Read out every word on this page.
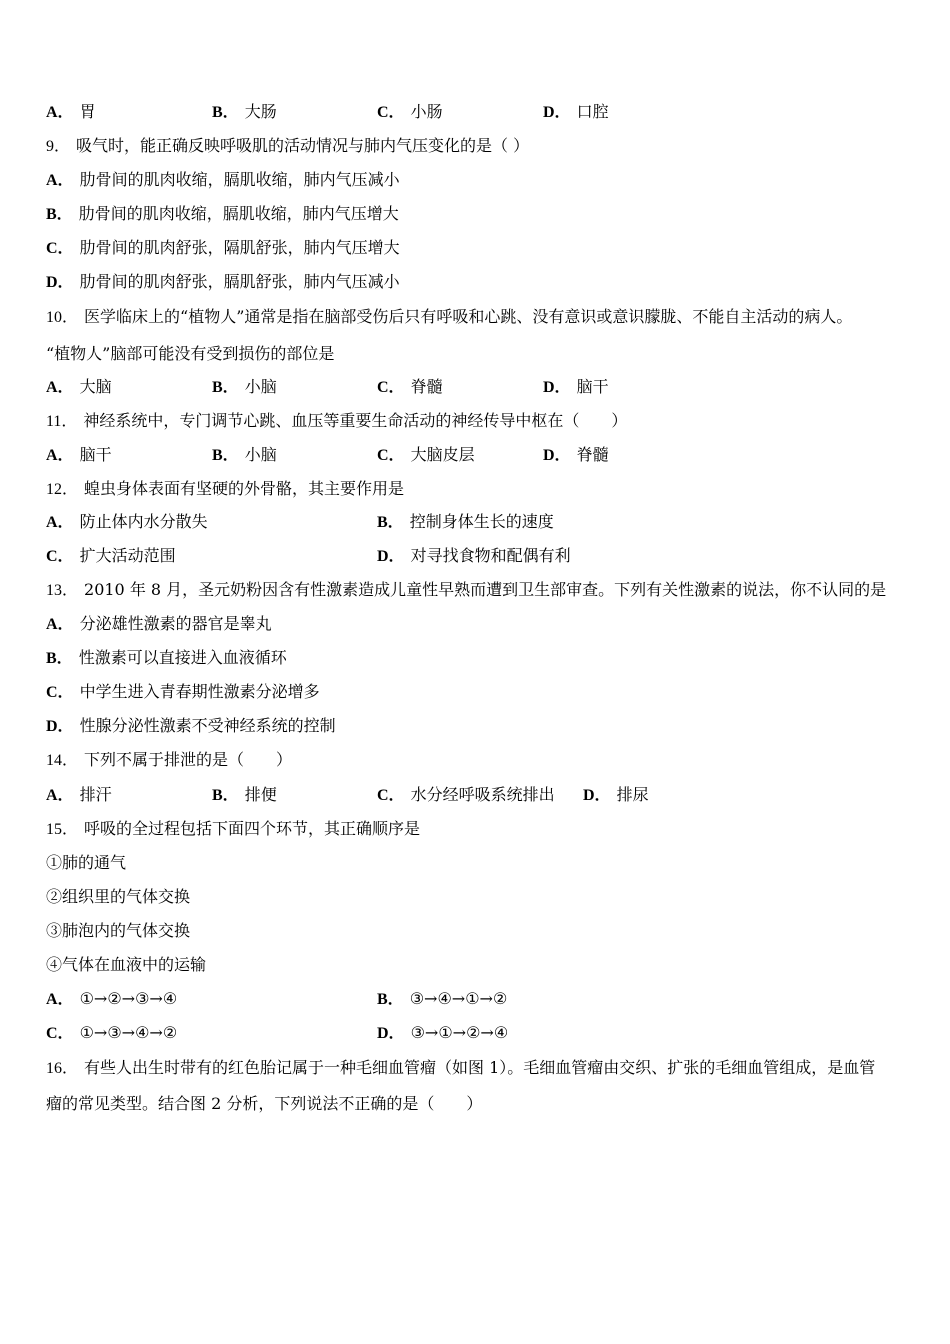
A． 胃	B． 大肠	C． 小肠	D． 口腔
9． 吸气时，能正确反映呼吸肌的活动情况与肺内气压变化的是（ ）
A． 肋骨间的肌肉收缩，膈肌收缩，肺内气压减小
B． 肋骨间的肌肉收缩，膈肌收缩，肺内气压增大
C． 肋骨间的肌肉舒张，隔肌舒张，肺内气压增大
D． 肋骨间的肌肉舒张，膈肌舒张，肺内气压减小
10． 医学临床上的“植物人”通常是指在脑部受伤后只有呼吸和心跳、没有意识或意识朦胧、不能自主活动的病人。
“植物人”脑部可能没有受到损伤的部位是
A． 大脑	B． 小脑	C． 脊髓	D． 脑干
11． 神经系统中，专门调节心跳、血压等重要生命活动的神经传导中枢在（　　）
A． 脑干	B． 小脑	C． 大脑皮层	D． 脊髓
12． 蝗虫身体表面有坚硬的外骨骼，其主要作用是
A． 防止体内水分散失	B． 控制身体生长的速度
C． 扩大活动范围	D． 对寻找食物和配偶有利
13． 2010 年 8 月，圣元奶粉因含有性激素造成儿童性早熟而遭到卫生部审查。下列有关性激素的说法，你不认同的是
A． 分泌雄性激素的器官是睾丸
B． 性激素可以直接进入血液循环
C． 中学生进入青春期性激素分泌增多
D． 性腺分泌性激素不受神经系统的控制
14． 下列不属于排泄的是（　　）
A． 排汗	B． 排便	C． 水分经呼吸系统排出 D． 排尿
15． 呼吸的全过程包括下面四个环节，其正确顺序是
①肺的通气
②组织里的气体交换
③肺泡内的气体交换
④气体在血液中的运输
A． ①→②→③→④	B． ③→④→①→②
C． ①→③→④→②	D． ③→①→②→④
16． 有些人出生时带有的红色胎记属于一种毛细血管瘤（如图 1）。毛细血管瘤由交织、扩张的毛细血管组成，是血管
瘤的常见类型。结合图 2 分析，下列说法不正确的是（　　）
